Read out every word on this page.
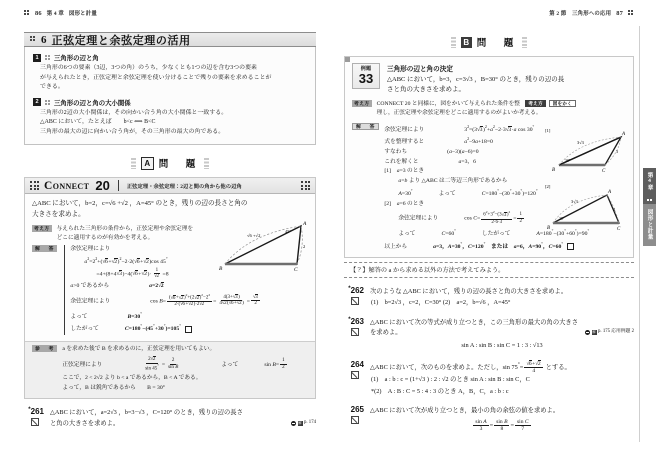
86 第 4 章 図形と計量
6 正弦定理と余弦定理の活用
1	三角形の辺と角
三角形の6つの要素（3辺，3つの角）のうち，少なくとも1つの辺を含む3つの要素
が与えられたとき，正弦定理と余弦定理を使い分けることで残りの要素を求めることが
できる。
2	三角形の辺と角の大小関係
三角形の2辺の大小関係は，その向かい合う角の大小関係と一致する。
△ABC において，たとえば　　b<c ⟺ B<C
三角形の最大の辺に向かい合う角が，その三角形の最大の角である。
A 問　題
Connect 20	正弦定理・余弦定理：2辺と間の角から他の辺角
△ABC において，b=2，c=√6 +√2 ，A=45° のとき，残りの辺の長さと角の
大きさを求めよ。
考え方	与えられた三角形の条件から，正弦定理や余弦定理を
どこに適用するのが有効かを考える。
解　答	余弦定理により
$a^2=2^2+(√6+√2)^2-2\cdot 2(√6+√2)\cos$ 45°
$=4+(8+4√3)-4(√6+√2)\cdot \frac{1}{√2} =8$
a>0 であるから	a=2√2
余弦定理により	$\cos B= \frac{(√6+√2)^2+(2√2)^2-2^2}{2\cdot(√6+√2)\cdot 2√2} = \frac{4(3+√3)}{4√2(√6+√2)} = \frac{√3}{2}$
よって	B=30°
したがって	C=180°−(45°+30°)=105°
A
B	C
√6 +√2
45°
2
参　考	a を求めた後で B を求めるのに，正弦定理を用いてもよい。
正弦定理により	$\frac{2√2}{\sin 45^\circ} = \frac{2}{\text{sin B}}$	よって	$\sin B= \frac{1}{2}$
ここで，2 < 2√2 より b < a であるから，B < A である。
よって，B は鋭角であるから　　B = 30°
*261 △ABC において，a=2√3 ，b=3−√3 ，C=120° のとき，残りの辺の長さ
と角の大きさを求めよ。	解 p. 174
第 2 節　三角形への応用 87
B 問　題
例題
33
三角形の辺と角の決定
△ABC において，b=3，c=3√3 ，B=30° のとき，残りの辺の長
さと角の大きさを求めよ。
考え方	CONNECT 20 と同様に，図をかいて与えられた条件を整	考え方	図をかく

理し，正弦定理や余弦定理をどこに適用するのがよいか考える。
解　答	余弦定理により	$3^2=(3√3)^2+a^2-2\cdot 3√3\cdot a$ cos 30°
式を整理すると	$a^2-9a+18=0$
すなわち	(a−3)(a−6)=0
これを解くと	a=3，6
[1]　a=3 のとき
a=b より △ABC は二等辺三角形であるから
A=30°よって	C=180°−(30°+30°)=120°
[2]　a=6 のとき
余弦定理により	$\cos C= \frac{6^2+3^2-(3√3)^2}{2\cdot 6\cdot 3} = \frac{1}{2}$
よって	C=60°したがって	A=180°−(30°+60°)=90°
以上から	a=3，A=30°，C=120°　または　a=6，A=90°，C=60°
[1]
A
B	C
3√3
30°
3
[2]
A
B	C
3√3
30°
3
【？】解答の a から求める以外の方法で考えてみよう。
*262 次のような △ABC において，残りの辺の長さと角の大きさを求めよ。
(1)　b=2√3 ，c=2，C=30° (2)　a=2，b=√6 ，A=45°
*263 △ABC において次の等式が成り立つとき，この三角形の最大の角の大きさ
を求めよ。	解 p. 175 応用例題 2
sin A : sin B : sin C = 1 : 3 : √13
264 △ABC において，次のものを求めよ。ただし，$\sin 75^\circ= \frac{√6+√2}{4}$ とする。
(1)　a : b : c = (1+√3 ) : 2 : √2 のとき sin A : sin B : sin C，C
*(2)　A : B : C = 5 : 4 : 3 のとき A，B，C，a : b : c
265 △ABC において次が成り立つとき，最小の角の余弦の値を求めよ。
$\frac{\text{sin A}}{3} = \frac{\text{sin B}}{8} = \frac{\text{sin C}}{7}$
第4章
図形と計量
